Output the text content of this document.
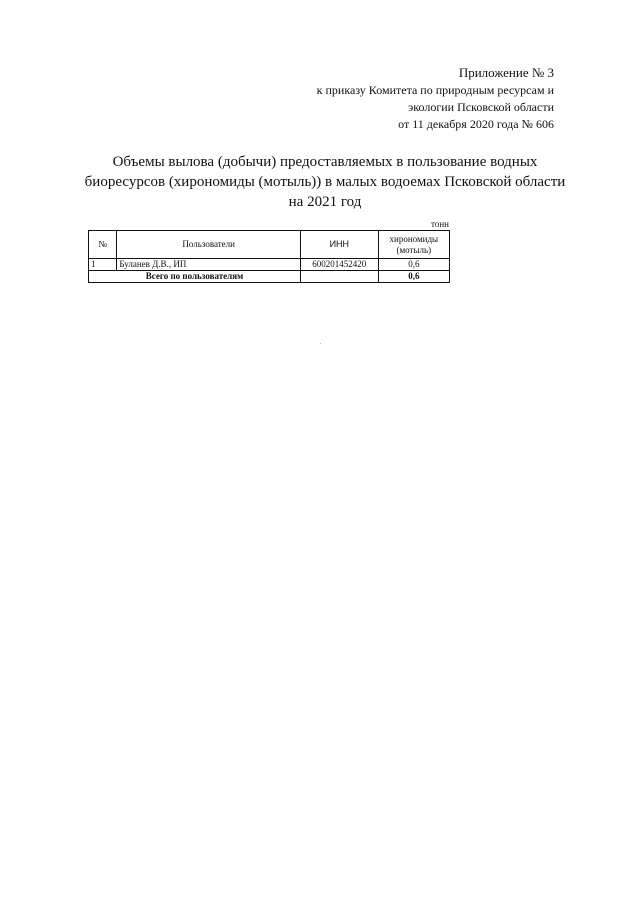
Приложение № 3
к приказу Комитета по природным ресурсам и
экологии Псковской области
от 11 декабря 2020 года № 606
Объемы вылова (добычи) предоставляемых в пользование водных
биоресурсов (хирономиды (мотыль)) в малых водоемах Псковской области
на 2021 год
тонн
№	Пользователи	ИНН	хирономиды
(мотыль)

1	Буланев Д.В., ИП	600201452420	0,6
Всего по пользователям			0,6
